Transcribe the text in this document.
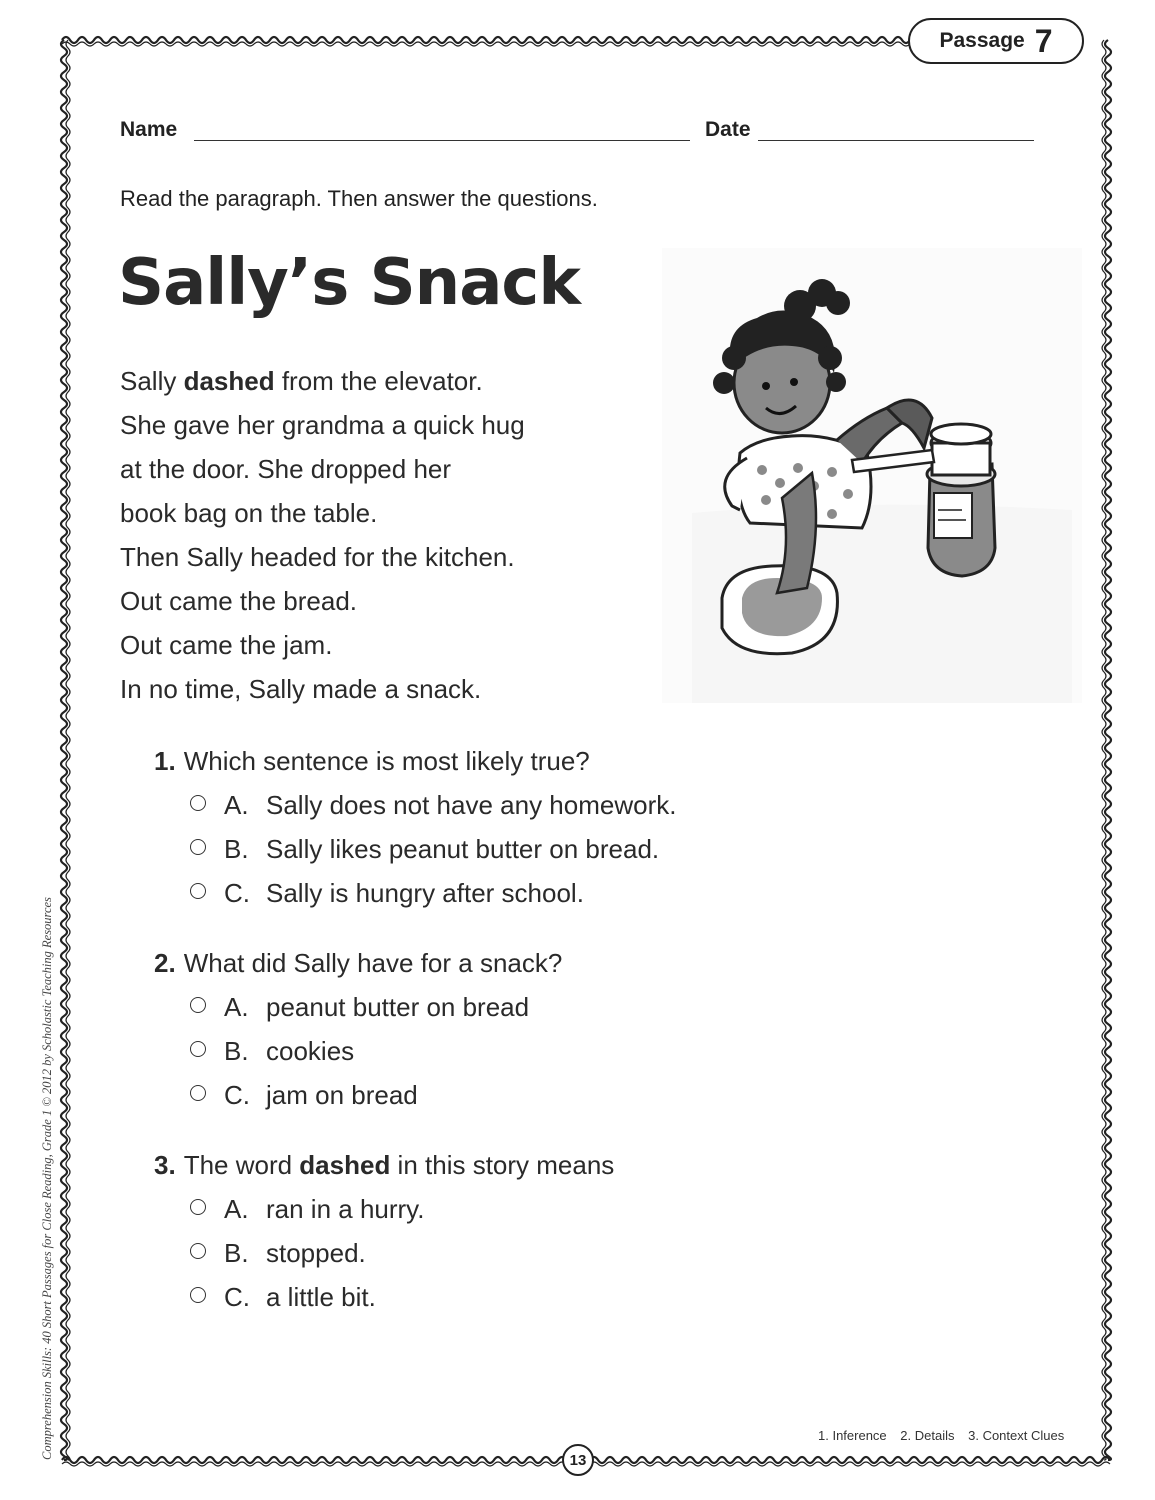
Passage 7
Name	Date
Read the paragraph. Then answer the questions.
Sally’s Snack
Sally dashed from the elevator.
She gave her grandma a quick hug
at the door. She dropped her
book bag on the table.
Then Sally headed for the kitchen.
Out came the bread.
Out came the jam.
In no time, Sally made a snack.
1. Which sentence is most likely true?
A. Sally does not have any homework.
B. Sally likes peanut butter on bread.
C. Sally is hungry after school.
2. What did Sally have for a snack?
A. peanut butter on bread
B. cookies
C. jam on bread
3. The word dashed in this story means
A. ran in a hurry.
B. stopped.
C. a little bit.
1. Inference 2. Details 3. Context Clues
13
Comprehension Skills: 40 Short Passages for Close Reading, Grade 1 © 2012 by Scholastic Teaching Resources
